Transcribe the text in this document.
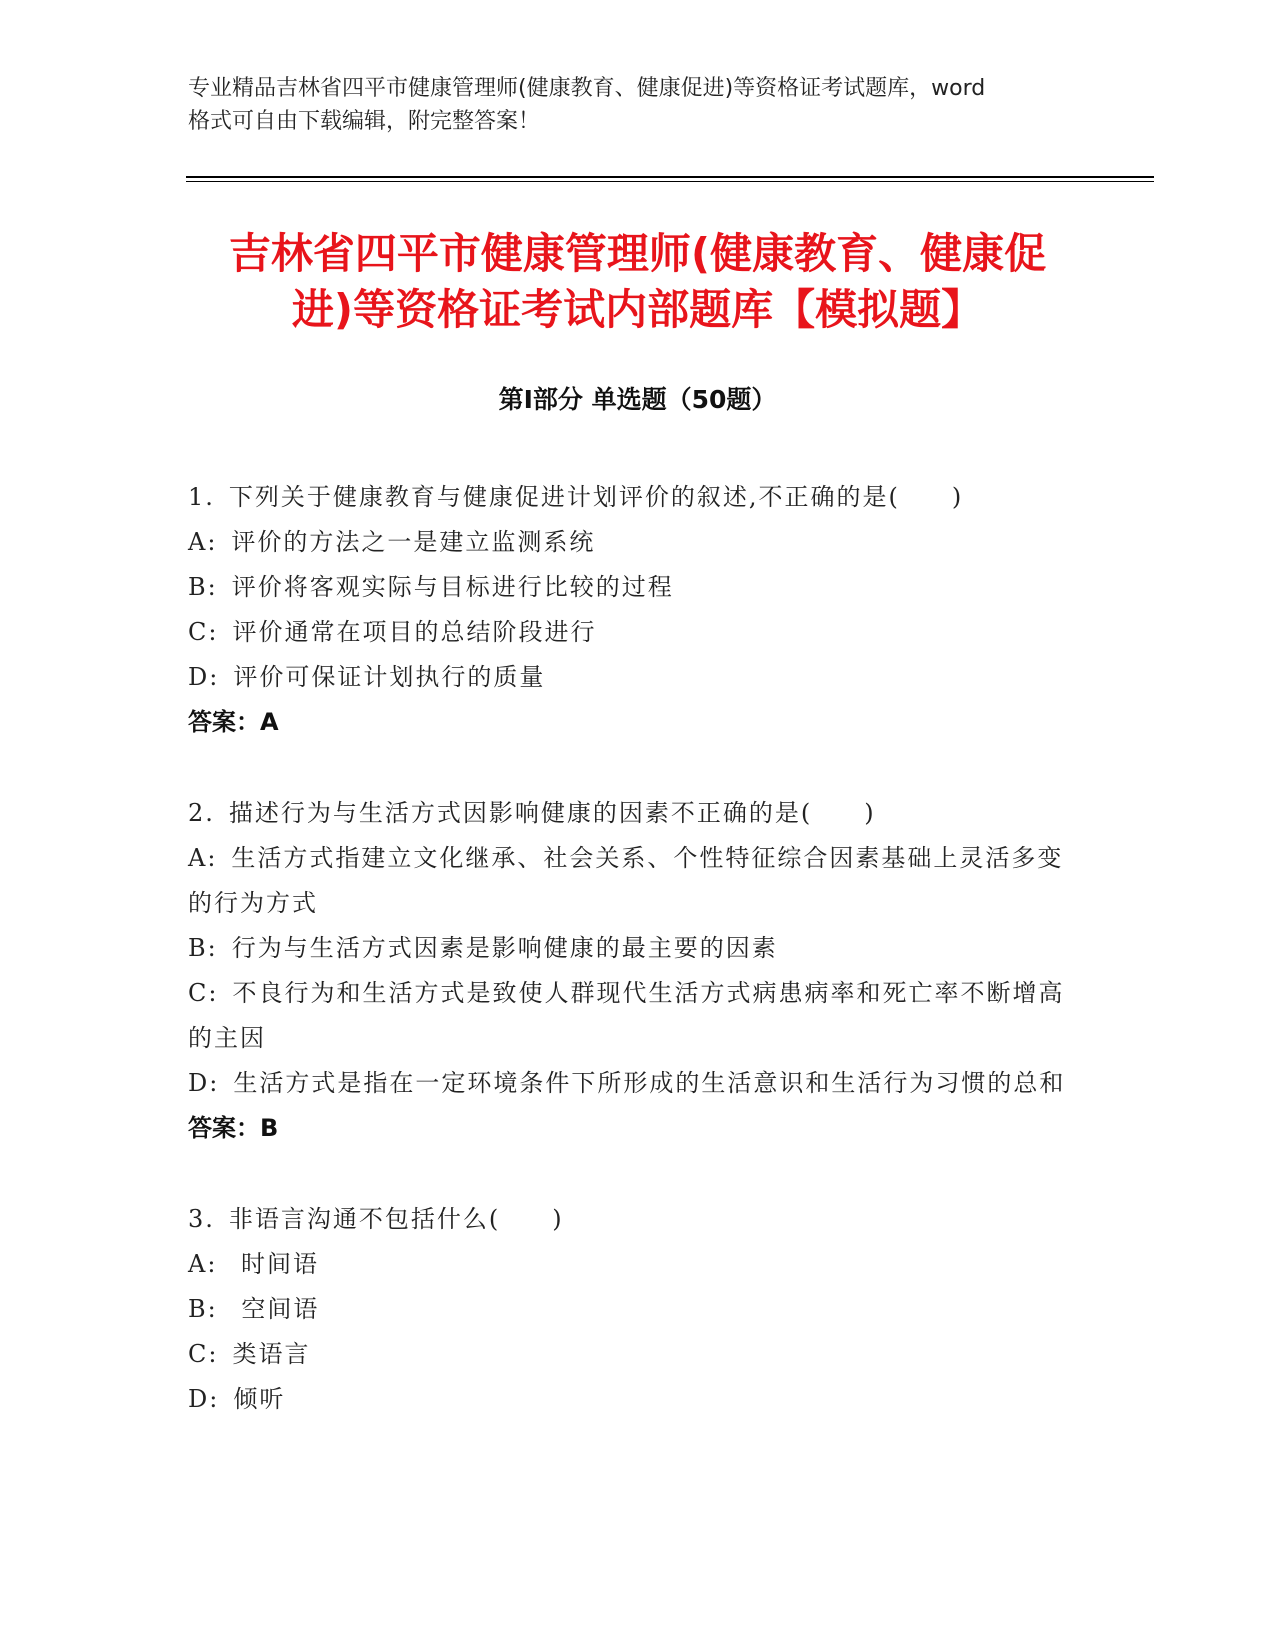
专业精品吉林省四平市健康管理师(健康教育、健康促进)等资格证考试题库，word
格式可自由下载编辑，附完整答案！
吉林省四平市健康管理师(健康教育、健康促
进)等资格证考试内部题库【模拟题】
第Ⅰ部分 单选题（50题）

1. 下列关于健康教育与健康促进计划评价的叙述,不正确的是(　　)

A: 评价的方法之一是建立监测系统

B: 评价将客观实际与目标进行比较的过程

C: 评价通常在项目的总结阶段进行

D: 评价可保证计划执行的质量

答案：A

2. 描述行为与生活方式因影响健康的因素不正确的是(　　)

A: 生活方式指建立文化继承、社会关系、个性特征综合因素基础上灵活多变的行为方式

B: 行为与生活方式因素是影响健康的最主要的因素

C: 不良行为和生活方式是致使人群现代生活方式病患病率和死亡率不断增高的主因

D: 生活方式是指在一定环境条件下所形成的生活意识和生活行为习惯的总和

答案：B

3. 非语言沟通不包括什么(　　)

A: 时间语

B: 空间语

C: 类语言

D: 倾听
